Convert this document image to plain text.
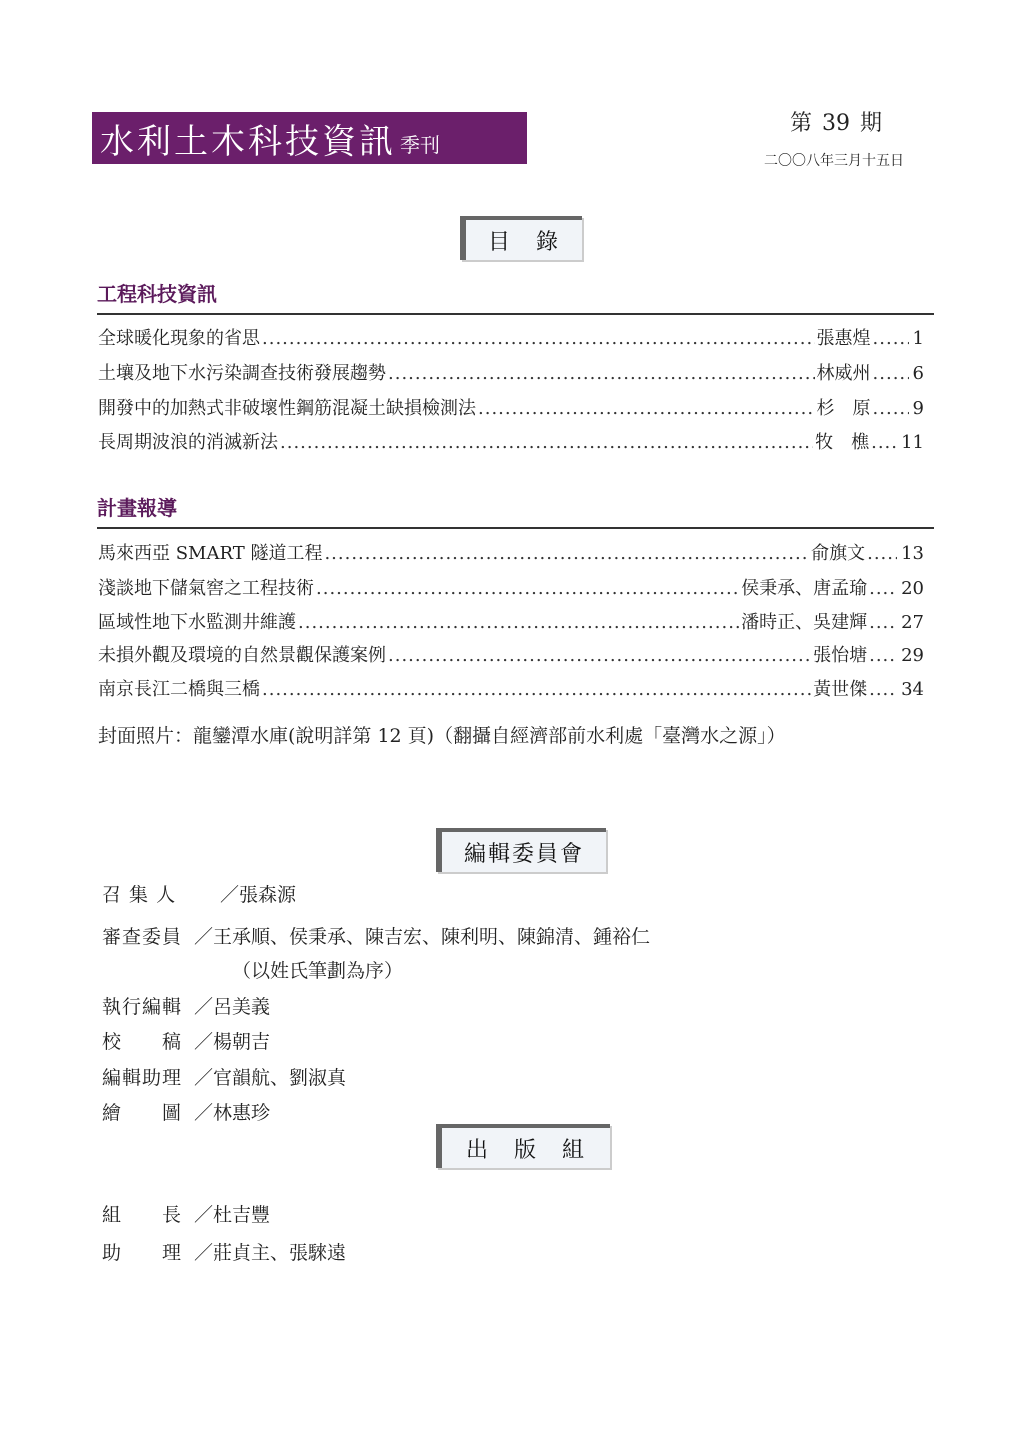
水利土木科技資訊 季刊
第 39 期
二〇〇八年三月十五日
目　錄
工程科技資訊
全球暖化現象的省思 .....	張惠煌 ..... 1
土壤及地下水污染調查技術發展趨勢 .....	林威州 ..... 6
開發中的加熱式非破壞性鋼筋混凝土缺損檢測法 .....	杉　原 ..... 9
長周期波浪的消滅新法 .....	牧　樵 ..... 11
計畫報導
馬來西亞 SMART 隧道工程 .....	俞旗文 ..... 13
淺談地下儲氣窖之工程技術 .....	侯秉承、唐孟瑜 ..... 20
區域性地下水監測井維護 .....	潘時正、吳建輝 ..... 27
未損外觀及環境的自然景觀保護案例 .....	張怡塘 ..... 29
南京長江二橋與三橋 .....	黃世傑 ..... 34
封面照片：龍鑾潭水庫(說明詳第 12 頁)（翻攝自經濟部前水利處「臺灣水之源」）
編輯委員會
召 集 人 ／張森源
審查委員 ／王承順、侯秉承、陳吉宏、陳利明、陳錦清、鍾裕仁
（以姓氏筆劃為序）
執行編輯 ／呂美義
校　　稿 ／楊朝吉
編輯助理 ／官韻航、劉淑真
繪　　圖 ／林惠珍
出　版　組
組　　長 ／杜吉豐
助　　理 ／莊貞主、張騋遠
